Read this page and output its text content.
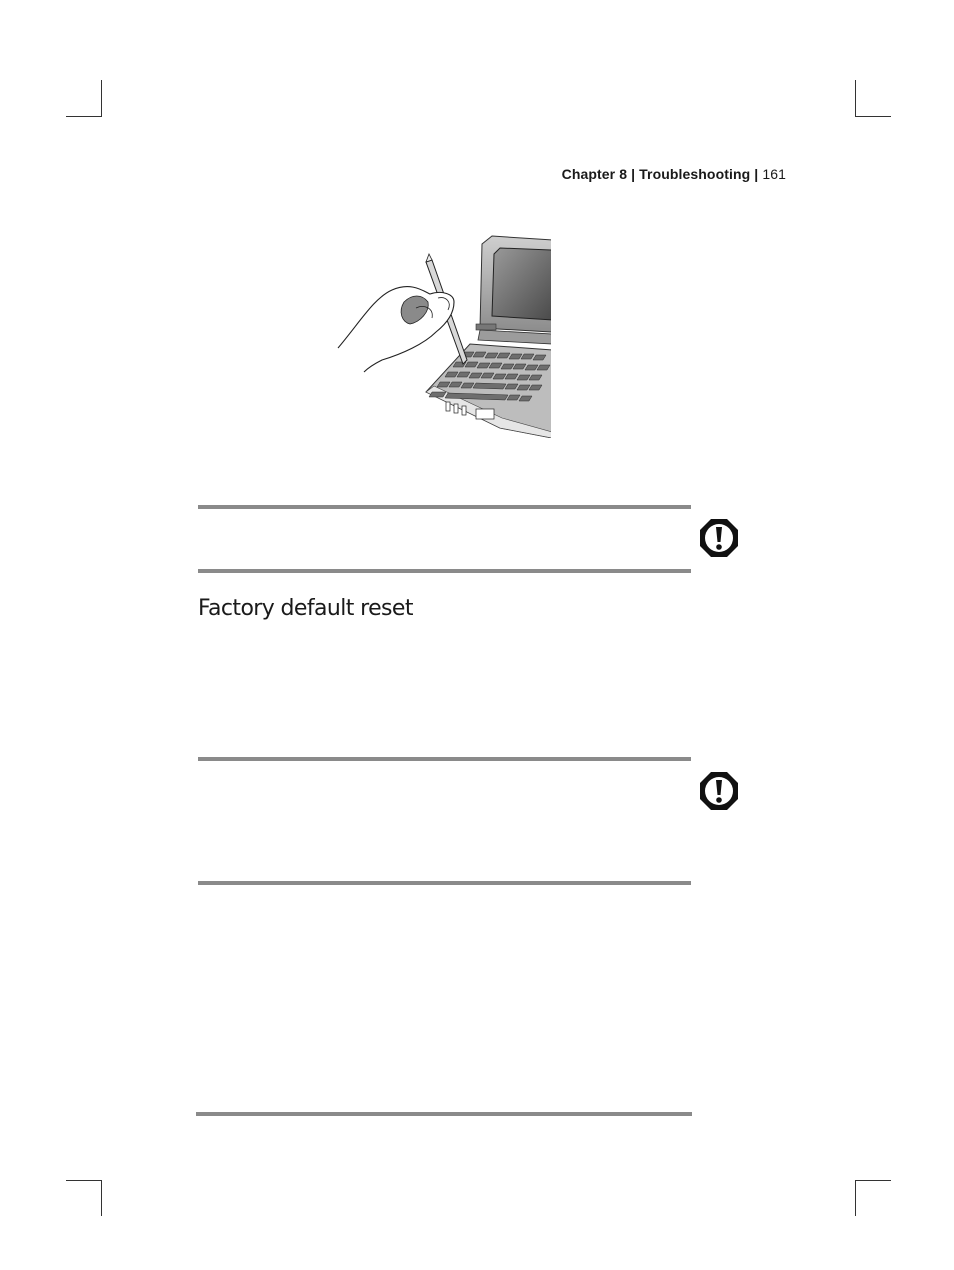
Chapter 8 | Troubleshooting | 161
Factory default reset
